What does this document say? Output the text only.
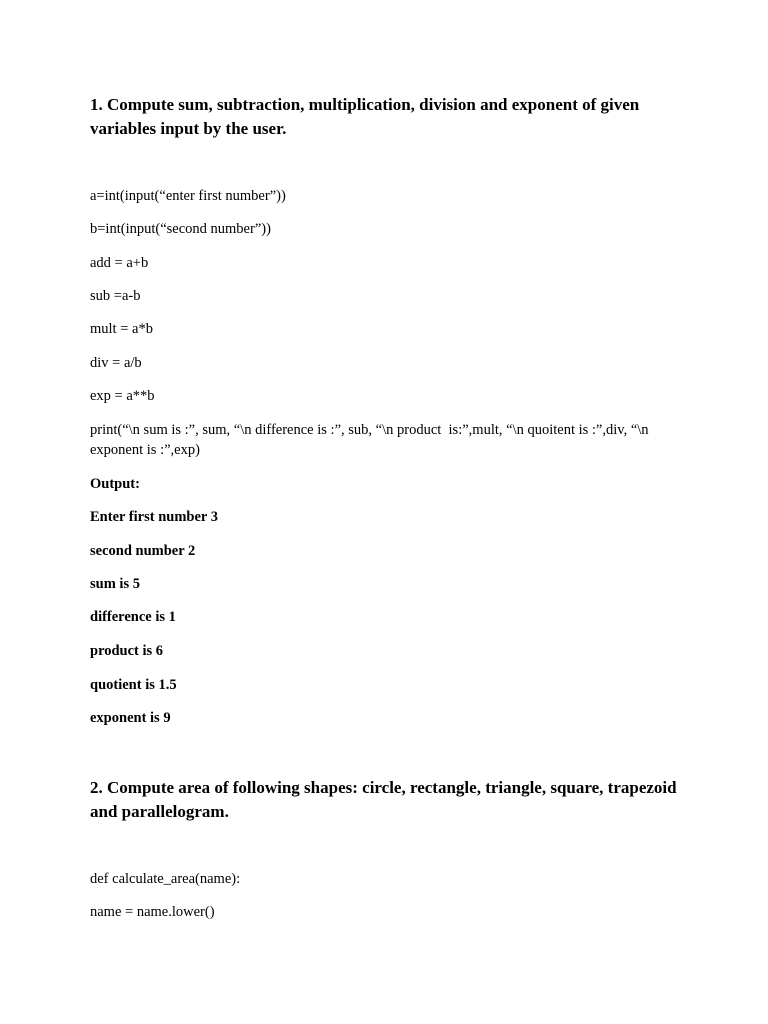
1. Compute sum, subtraction, multiplication, division and exponent of given variables input by the user.

a=int(input(“enter first number”))

b=int(input(“second number”))

add = a+b

sub =a-b

mult = a*b

div = a/b

exp = a**b

print(“\n sum is :”, sum, “\n difference is :”, sub, “\n product  is:”,mult, “\n quoitent is :”,div, “\n exponent is :”,exp)

Output:

Enter first number 3

second number 2

sum is 5

difference is 1

product is 6

quotient is 1.5

exponent is 9

2. Compute area of following shapes: circle, rectangle, triangle, square, trapezoid and parallelogram.

def calculate_area(name):

name = name.lower()
